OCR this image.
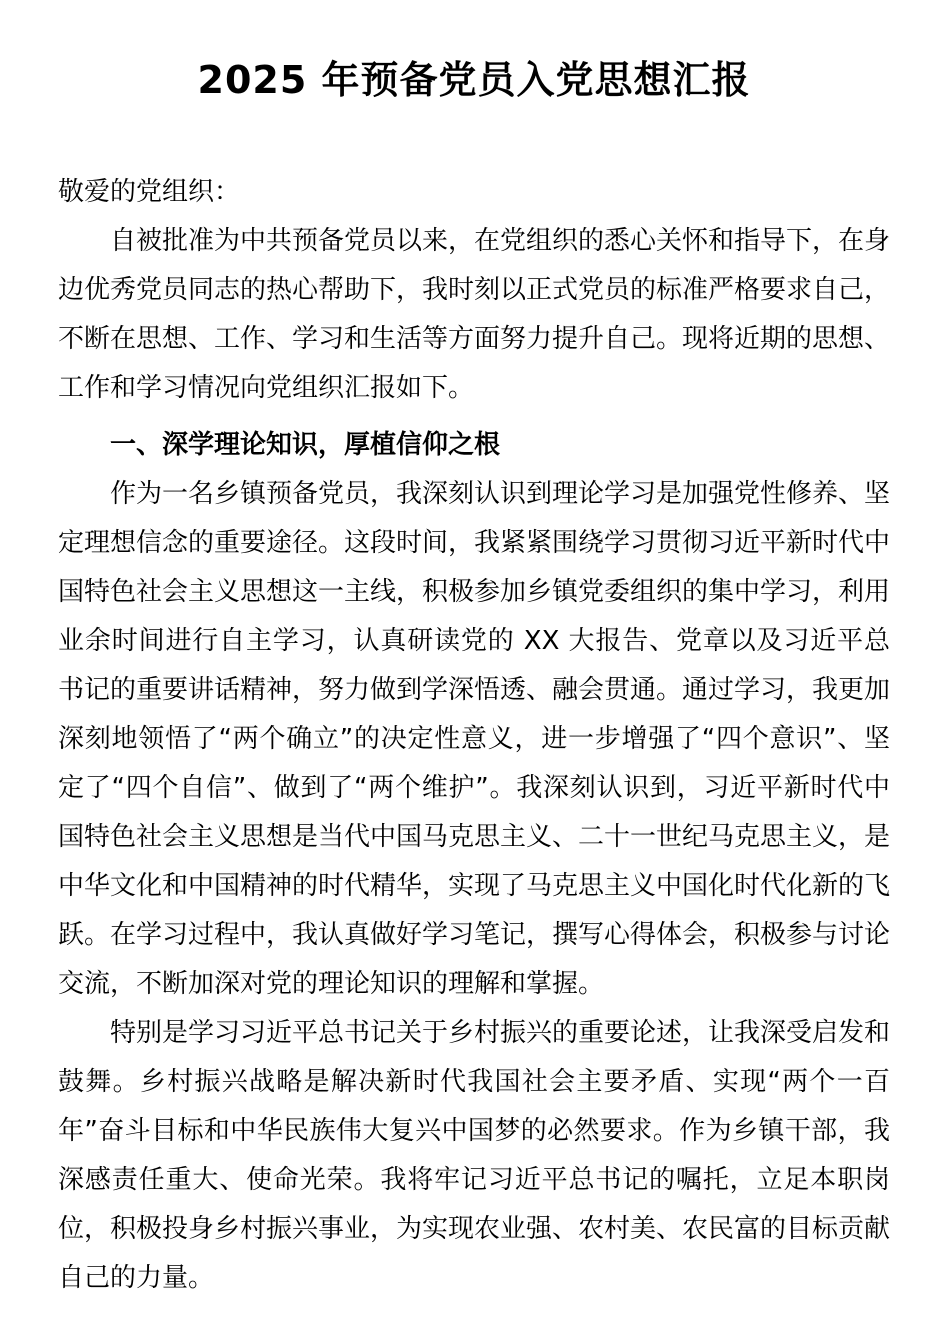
2025 年预备党员入党思想汇报

敬爱的党组织：

自被批准为中共预备党员以来，在党组织的悉心关怀和指导下，在身边优秀党员同志的热心帮助下，我时刻以正式党员的标准严格要求自己，不断在思想、工作、学习和生活等方面努力提升自己。现将近期的思想、工作和学习情况向党组织汇报如下。

一、深学理论知识，厚植信仰之根

作为一名乡镇预备党员，我深刻认识到理论学习是加强党性修养、坚定理想信念的重要途径。这段时间，我紧紧围绕学习贯彻习近平新时代中国特色社会主义思想这一主线，积极参加乡镇党委组织的集中学习，利用业余时间进行自主学习，认真研读党的 XX 大报告、党章以及习近平总书记的重要讲话精神，努力做到学深悟透、融会贯通。通过学习，我更加深刻地领悟了“两个确立”的决定性意义，进一步增强了“四个意识”、坚定了“四个自信”、做到了“两个维护”。我深刻认识到，习近平新时代中国特色社会主义思想是当代中国马克思主义、二十一世纪马克思主义，是中华文化和中国精神的时代精华，实现了马克思主义中国化时代化新的飞跃。在学习过程中，我认真做好学习笔记，撰写心得体会，积极参与讨论交流，不断加深对党的理论知识的理解和掌握。

特别是学习习近平总书记关于乡村振兴的重要论述，让我深受启发和鼓舞。乡村振兴战略是解决新时代我国社会主要矛盾、实现“两个一百年”奋斗目标和中华民族伟大复兴中国梦的必然要求。作为乡镇干部，我深感责任重大、使命光荣。我将牢记习近平总书记的嘱托，立足本职岗位，积极投身乡村振兴事业，为实现农业强、农村美、农民富的目标贡献自己的力量。
